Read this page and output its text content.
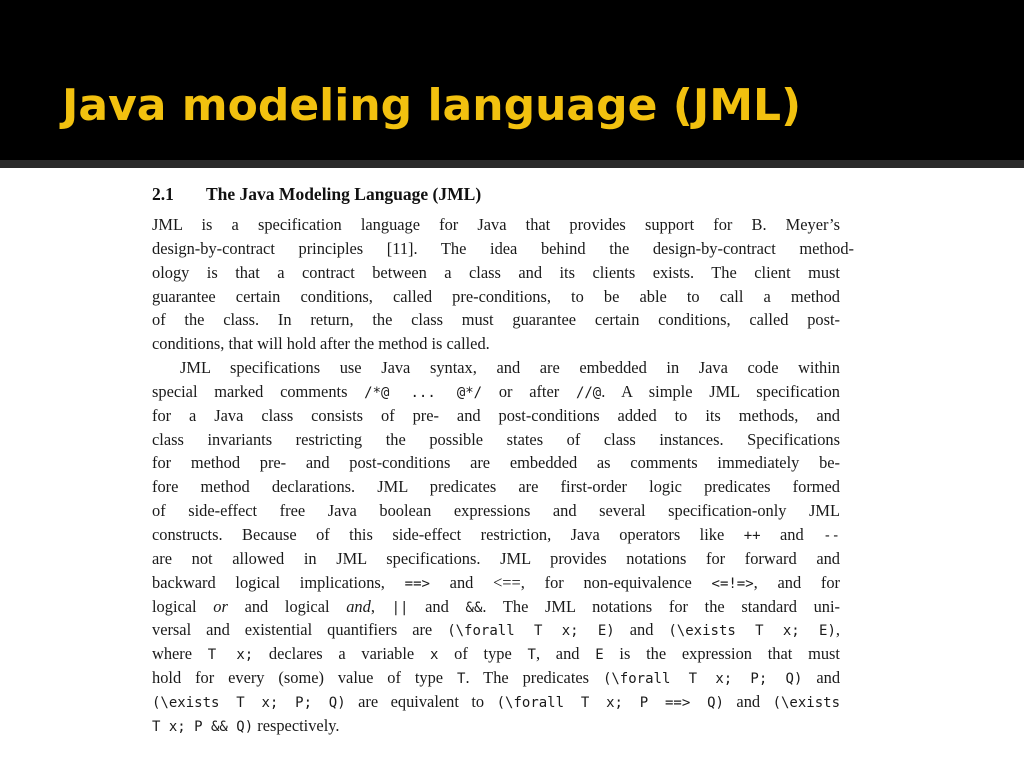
Java modeling language (JML)
2.1 The Java Modeling Language (JML)
JML is a specification language for Java that provides support for B. Meyer’s
design-by-contract principles [11]. The idea behind the design-by-contract method-
ology is that a contract between a class and its clients exists. The client must
guarantee certain conditions, called pre-conditions, to be able to call a method
of the class. In return, the class must guarantee certain conditions, called post-
conditions, that will hold after the method is called.
JML specifications use Java syntax, and are embedded in Java code within
special marked comments /*@ ... @*/ or after //@. A simple JML specification
for a Java class consists of pre- and post-conditions added to its methods, and
class invariants restricting the possible states of class instances. Specifications
for method pre- and post-conditions are embedded as comments immediately be-
fore method declarations. JML predicates are first-order logic predicates formed
of side-effect free Java boolean expressions and several specification-only JML
constructs. Because of this side-effect restriction, Java operators like ++ and --
are not allowed in JML specifications. JML provides notations for forward and
backward logical implications, ==> and <==, for non-equivalence <=!=>, and for
logical or and logical and, || and &&. The JML notations for the standard uni-
versal and existential quantifiers are (\forall T x; E) and (\exists T x; E),
where T x; declares a variable x of type T, and E is the expression that must
hold for every (some) value of type T. The predicates (\forall T x; P; Q) and
(\exists T x; P; Q) are equivalent to (\forall T x; P ==> Q) and (\exists
T x; P && Q) respectively.
